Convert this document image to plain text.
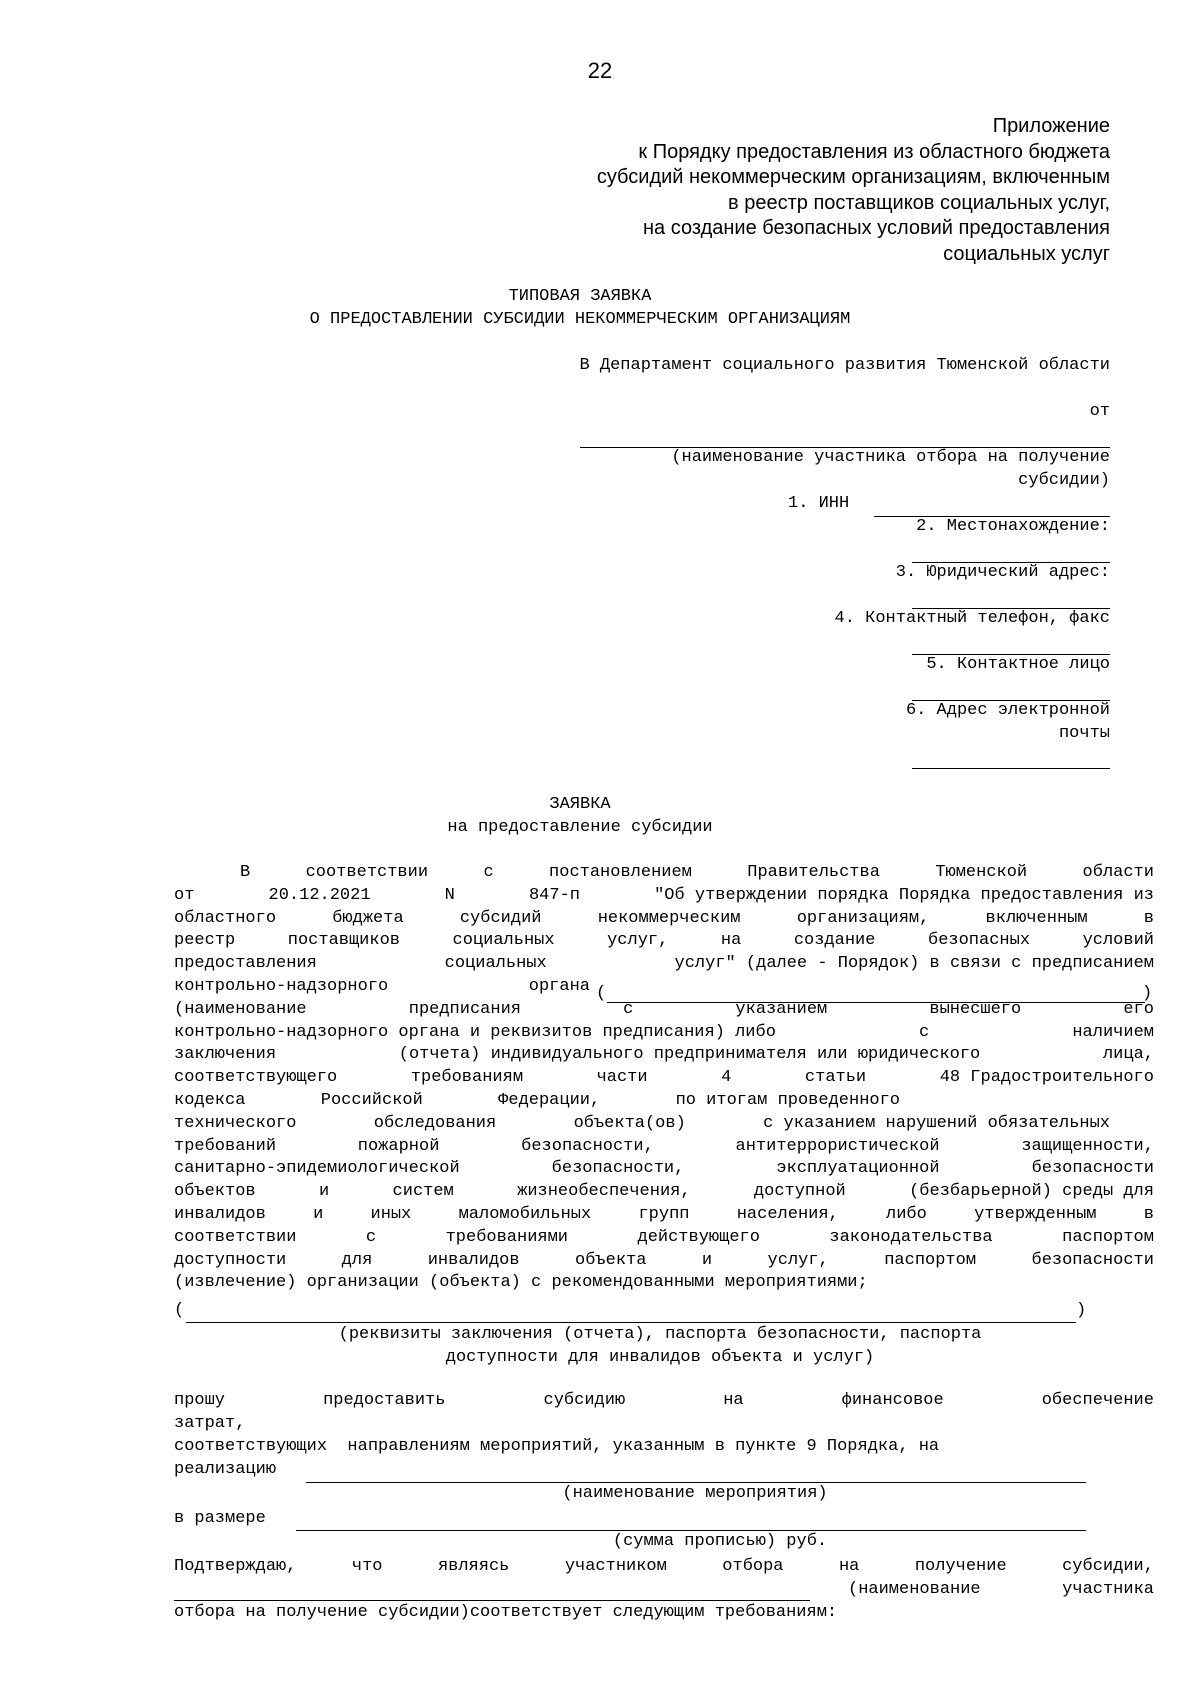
22
Приложение
к Порядку предоставления из областного бюджета
субсидий некоммерческим организациям, включенным
в реестр поставщиков социальных услуг,
на создание безопасных условий предоставления
социальных услуг
ТИПОВАЯ ЗАЯВКА
О ПРЕДОСТАВЛЕНИИ СУБСИДИИ НЕКОММЕРЧЕСКИМ ОРГАНИЗАЦИЯМ
В Департамент социального развития Тюменской области
от
(наименование участника отбора на получение
субсидии)
1. ИНН
2. Местонахождение:
3. Юридический адрес:
4. Контактный телефон, факс
5. Контактное лицо
6. Адрес электронной
почты
ЗАЯВКА
на предоставление субсидии
В	соответствии	с	постановлением	Правительства	Тюменской	области
от	20.12.2021	N	847-п	"Об утверждении порядка Порядка предоставления из
областного	бюджета	субсидий	некоммерческим	организациям,	включенным	в
реестр	поставщиков	социальных	услуг,	на	создание	безопасных	условий
предоставления	социальных	услуг" (далее - Порядок) в связи с предписанием
контрольно-надзорного	органа
(наименование	предписания	с	указанием	вынесшего	его
контрольно-надзорного органа и реквизитов предписания) либо	с	наличием
заключения	(отчета) индивидуального предпринимателя или юридического	лица,
соответствующего	требованиям	части	4	статьи	48 Градостроительного
кодекса	Российской	Федерации,	по итогам проведенного
технического	обследования	объекта(ов)	с указанием нарушений обязательных
требований	пожарной	безопасности,	антитеррористической	защищенности,
санитарно-эпидемиологической	безопасности,	эксплуатационной	безопасности
объектов	и	систем	жизнеобеспечения,	доступной	(безбарьерной) среды для
инвалидов	и	иных	маломобильных	групп	населения,	либо	утвержденным	в
соответствии	с	требованиями	действующего	законодательства	паспортом
доступности	для	инвалидов	объекта	и	услуг,	паспортом	безопасности
(извлечение) организации (объекта) с рекомендованными мероприятиями;
(	)
(	)
(реквизиты заключения (отчета), паспорта безопасности, паспорта
доступности для инвалидов объекта и услуг)
прошу	предоставить	субсидию	на	финансовое	обеспечение
затрат,
соответствующих  направлениям мероприятий, указанным в пункте 9 Порядка, на
реализацию
(наименование мероприятия)
в размере
(сумма прописью) руб.
Подтверждаю,	что	являясь	участником	отбора	на	получение	субсидии,
(наименование	участника
отбора на получение субсидии)соответствует следующим требованиям:
